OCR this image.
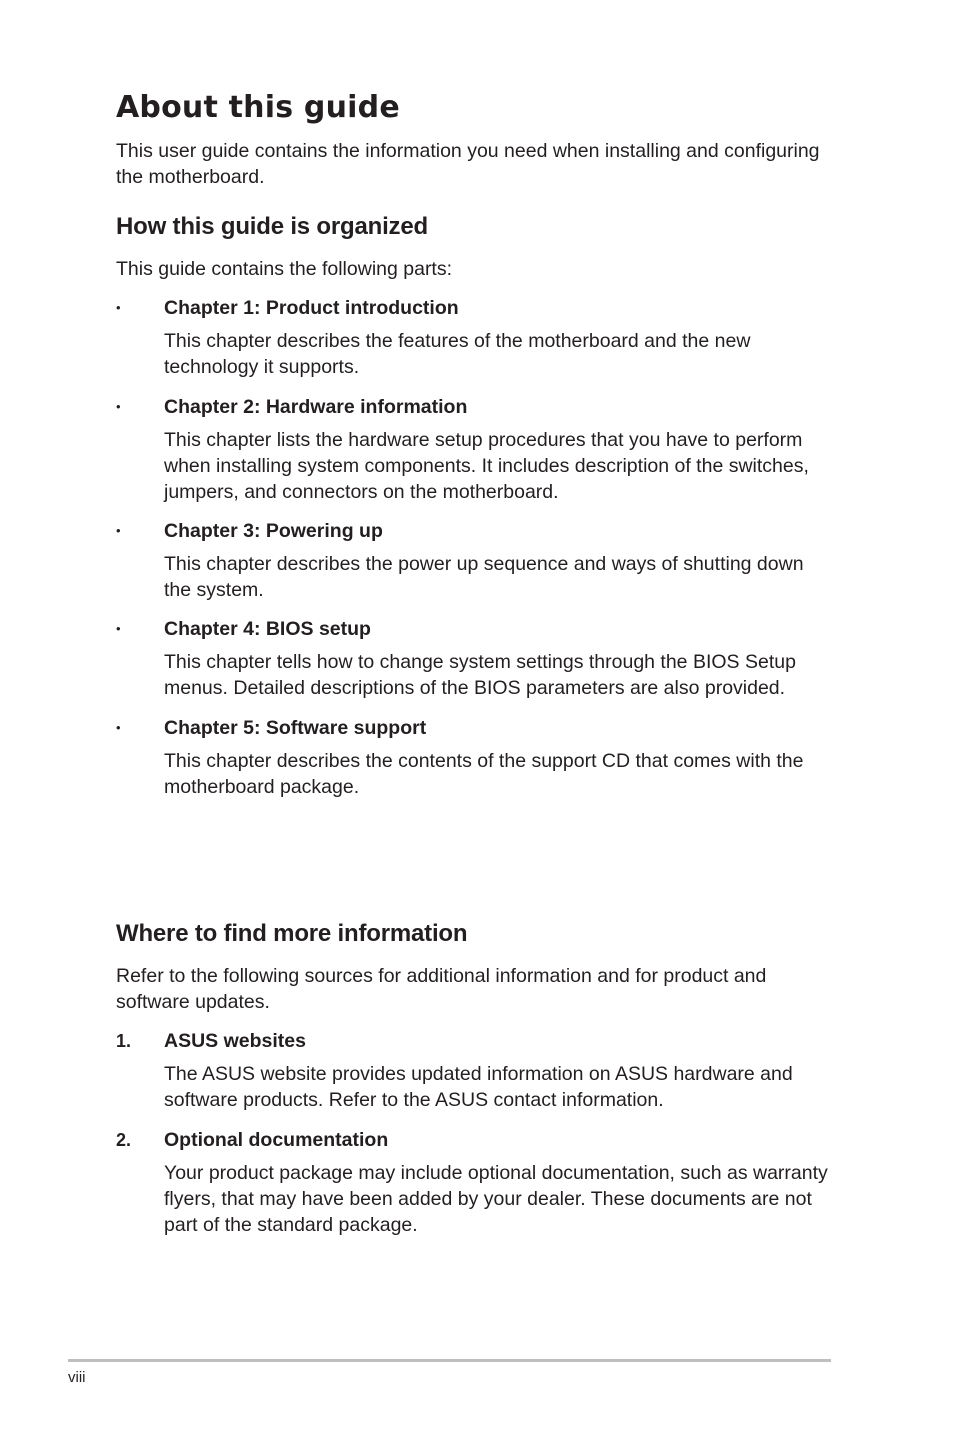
About this guide

This user guide contains the information you need when installing and configuring the motherboard.

How this guide is organized

This guide contains the following parts:

• Chapter 1: Product introduction

This chapter describes the features of the motherboard and the new technology it supports.

• Chapter 2: Hardware information

This chapter lists the hardware setup procedures that you have to perform when installing system components. It includes description of the switches, jumpers, and connectors on the motherboard.

• Chapter 3: Powering up

This chapter describes the power up sequence and ways of shutting down the system.

• Chapter 4: BIOS setup

This chapter tells how to change system settings through the BIOS Setup menus. Detailed descriptions of the BIOS parameters are also provided.

• Chapter 5: Software support

This chapter describes the contents of the support CD that comes with the motherboard package.

Where to find more information

Refer to the following sources for additional information and for product and software updates.

1. ASUS websites

The ASUS website provides updated information on ASUS hardware and software products. Refer to the ASUS contact information.

2. Optional documentation

Your product package may include optional documentation, such as warranty flyers, that may have been added by your dealer. These documents are not part of the standard package.

viii
